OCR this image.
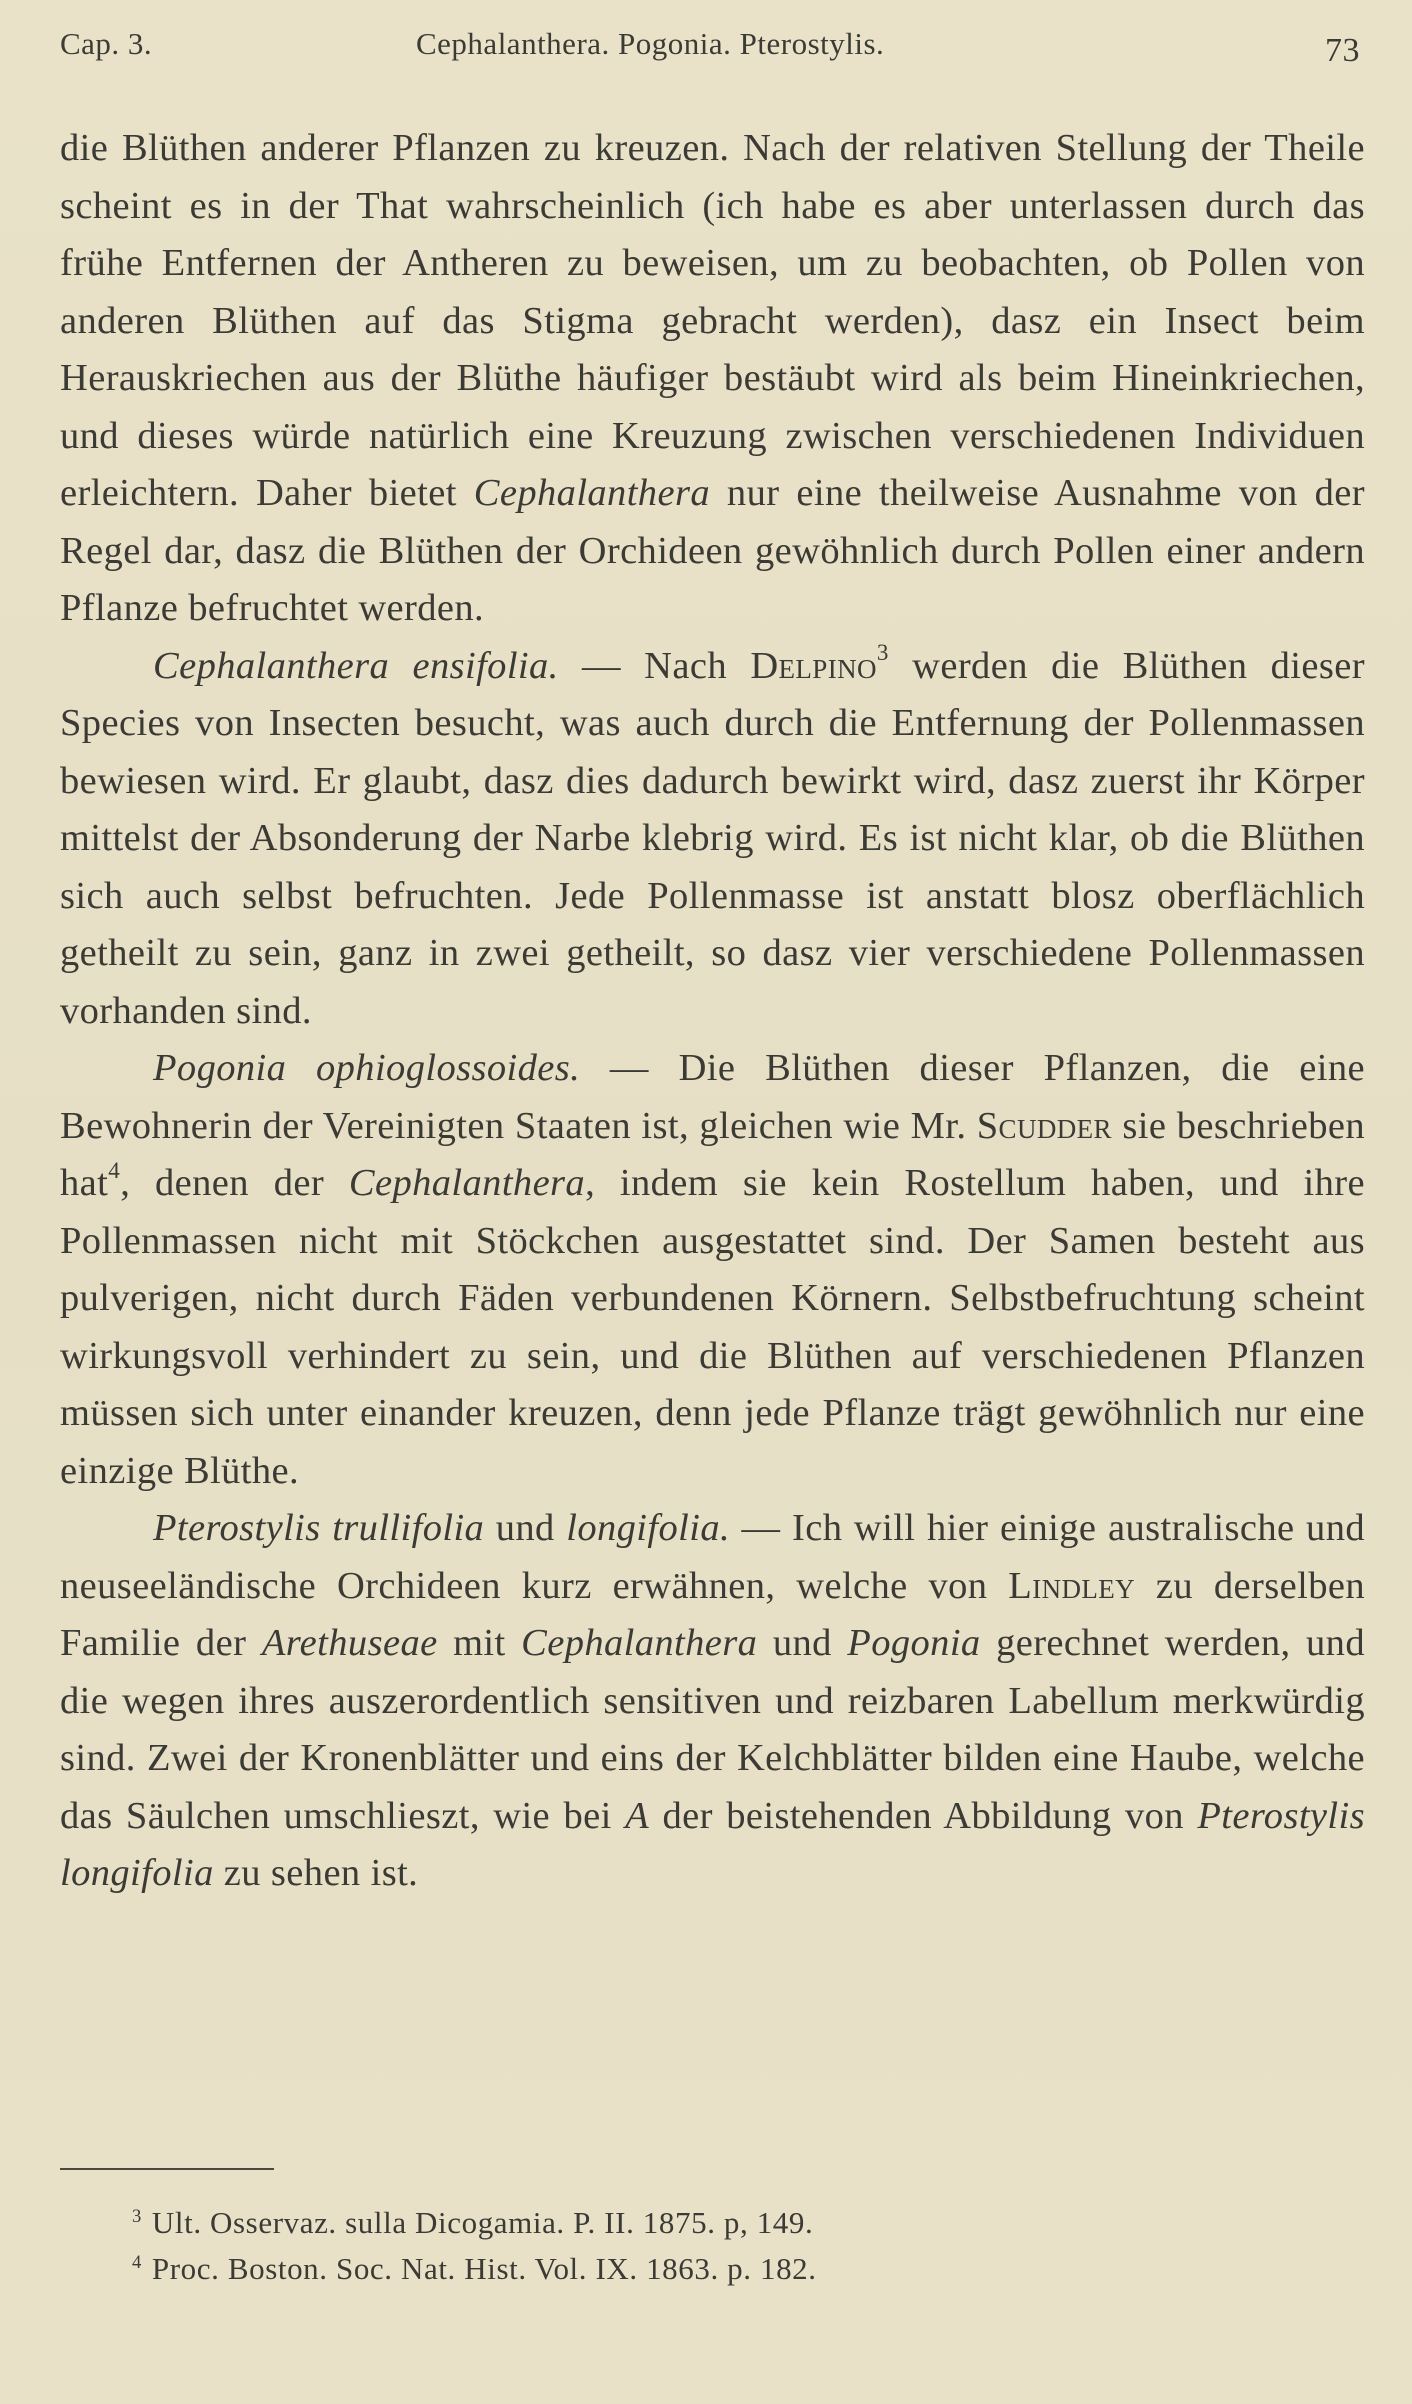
Cap. 3.	Cephalanthera. Pogonia. Pterostylis.	73

die Blüthen anderer Pflanzen zu kreuzen. Nach der relativen Stellung der Theile scheint es in der That wahrscheinlich (ich habe es aber unterlassen durch das frühe Entfernen der Antheren zu beweisen, um zu beobachten, ob Pollen von anderen Blüthen auf das Stigma gebracht werden), dasz ein Insect beim Herauskriechen aus der Blüthe häufiger bestäubt wird als beim Hineinkriechen, und dieses würde natürlich eine Kreuzung zwischen verschiedenen Individuen erleichtern. Daher bietet Cephalanthera nur eine theilweise Ausnahme von der Regel dar, dasz die Blüthen der Orchideen gewöhnlich durch Pollen einer andern Pflanze befruchtet werden.

Cephalanthera ensifolia. — Nach Delpino$^3$ werden die Blüthen dieser Species von Insecten besucht, was auch durch die Entfernung der Pollenmassen bewiesen wird. Er glaubt, dasz dies dadurch bewirkt wird, dasz zuerst ihr Körper mittelst der Absonderung der Narbe klebrig wird. Es ist nicht klar, ob die Blüthen sich auch selbst befruchten. Jede Pollenmasse ist anstatt blosz oberflächlich getheilt zu sein, ganz in zwei getheilt, so dasz vier verschiedene Pollenmassen vorhanden sind.

Pogonia ophioglossoides. — Die Blüthen dieser Pflanzen, die eine Bewohnerin der Vereinigten Staaten ist, gleichen wie Mr. Scudder sie beschrieben hat$^4$, denen der Cephalanthera, indem sie kein Rostellum haben, und ihre Pollenmassen nicht mit Stöckchen ausgestattet sind. Der Samen besteht aus pulverigen, nicht durch Fäden verbundenen Körnern. Selbstbefruchtung scheint wirkungsvoll verhindert zu sein, und die Blüthen auf verschiedenen Pflanzen müssen sich unter einander kreuzen, denn jede Pflanze trägt gewöhnlich nur eine einzige Blüthe.

Pterostylis trullifolia und longifolia. — Ich will hier einige australische und neuseeländische Orchideen kurz erwähnen, welche von Lindley zu derselben Familie der Arethuseae mit Cephalanthera und Pogonia gerechnet werden, und die wegen ihres auszerordentlich sensitiven und reizbaren Labellum merkwürdig sind. Zwei der Kronenblätter und eins der Kelchblätter bilden eine Haube, welche das Säulchen umschlieszt, wie bei A der beistehenden Abbildung von Pterostylis longifolia zu sehen ist.

$^3$ Ult. Osservaz. sulla Dicogamia. P. II. 1875. p, 149.

$^4$ Proc. Boston. Soc. Nat. Hist. Vol. IX. 1863. p. 182.
